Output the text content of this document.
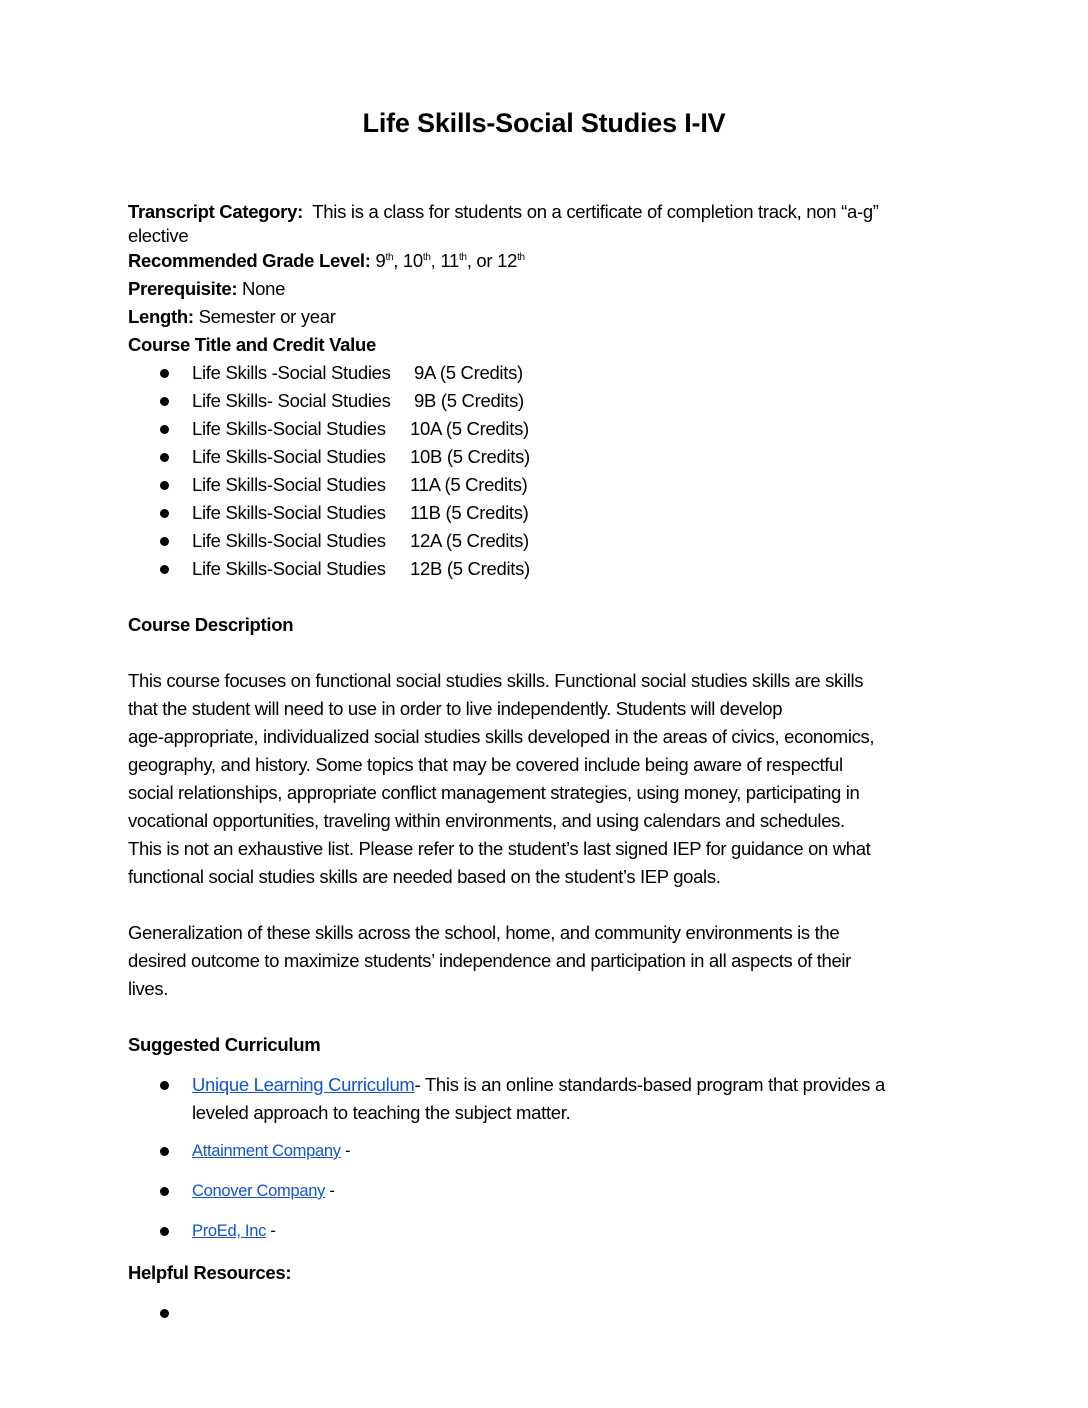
Life Skills-Social Studies I-IV
Transcript Category: This is a class for students on a certificate of completion track, non “a-g”
elective
Recommended Grade Level: 9th, 10th, 11th, or 12th
Prerequisite: None
Length: Semester or year
Course Title and Credit Value
Life Skills -Social Studies 9A (5 Credits)
Life Skills- Social Studies 9B (5 Credits)
Life Skills-Social Studies 10A (5 Credits)
Life Skills-Social Studies 10B (5 Credits)
Life Skills-Social Studies 11A (5 Credits)
Life Skills-Social Studies 11B (5 Credits)
Life Skills-Social Studies 12A (5 Credits)
Life Skills-Social Studies 12B (5 Credits)
Course Description
This course focuses on functional social studies skills. Functional social studies skills are skills
that the student will need to use in order to live independently. Students will develop
age-appropriate, individualized social studies skills developed in the areas of civics, economics,
geography, and history. Some topics that may be covered include being aware of respectful
social relationships, appropriate conflict management strategies, using money, participating in
vocational opportunities, traveling within environments, and using calendars and schedules.
This is not an exhaustive list. Please refer to the student’s last signed IEP for guidance on what
functional social studies skills are needed based on the student’s IEP goals.
Generalization of these skills across the school, home, and community environments is the
desired outcome to maximize students’ independence and participation in all aspects of their
lives.
Suggested Curriculum
Unique Learning Curriculum- This is an online standards-based program that provides a
leveled approach to teaching the subject matter.
Attainment Company -
Conover Company -
ProEd, Inc -
Helpful Resources:
